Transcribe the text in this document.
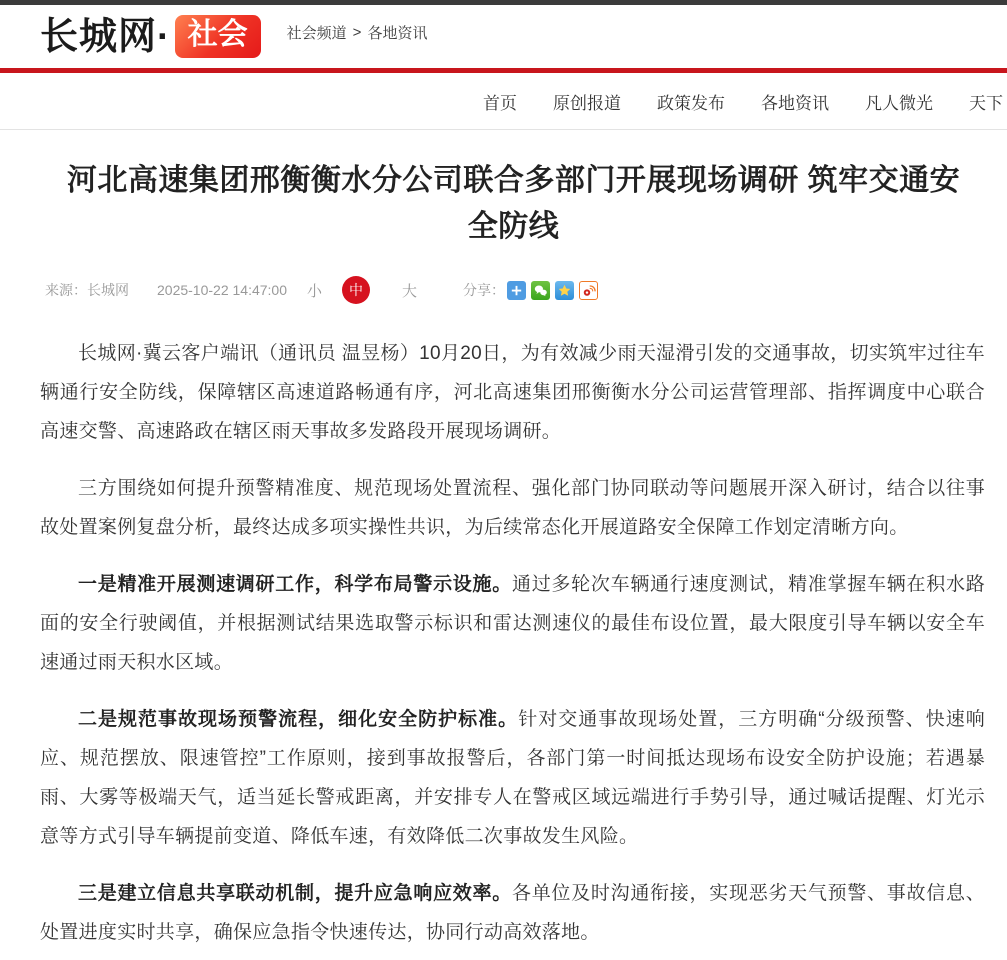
长城网· 社会	社会频道 > 各地资讯
首页 原创报道 政策发布 各地资讯 凡人微光 天下
河北高速集团邢衡衡水分公司联合多部门开展现场调研 筑牢交通安全防线
来源：长城网 2025-10-22 14:47:00 小	中	大	分享：

长城网·冀云客户端讯（通讯员 温昱杨）10月20日，为有效减少雨天湿滑引发的交通事故，切实筑牢过往车辆通行安全防线，保障辖区高速道路畅通有序，河北高速集团邢衡衡水分公司运营管理部、指挥调度中心联合高速交警、高速路政在辖区雨天事故多发路段开展现场调研。

三方围绕如何提升预警精准度、规范现场处置流程、强化部门协同联动等问题展开深入研讨，结合以往事故处置案例复盘分析，最终达成多项实操性共识，为后续常态化开展道路安全保障工作划定清晰方向。

一是精准开展测速调研工作，科学布局警示设施。通过多轮次车辆通行速度测试，精准掌握车辆在积水路面的安全行驶阈值，并根据测试结果选取警示标识和雷达测速仪的最佳布设位置，最大限度引导车辆以安全车速通过雨天积水区域。

二是规范事故现场预警流程，细化安全防护标准。针对交通事故现场处置，三方明确“分级预警、快速响应、规范摆放、限速管控”工作原则，接到事故报警后，各部门第一时间抵达现场布设安全防护设施；若遇暴雨、大雾等极端天气，适当延长警戒距离，并安排专人在警戒区域远端进行手势引导，通过喊话提醒、灯光示意等方式引导车辆提前变道、降低车速，有效降低二次事故发生风险。

三是建立信息共享联动机制，提升应急响应效率。各单位及时沟通衔接，实现恶劣天气预警、事故信息、处置进度实时共享，确保应急指令快速传达，协同行动高效落地。
